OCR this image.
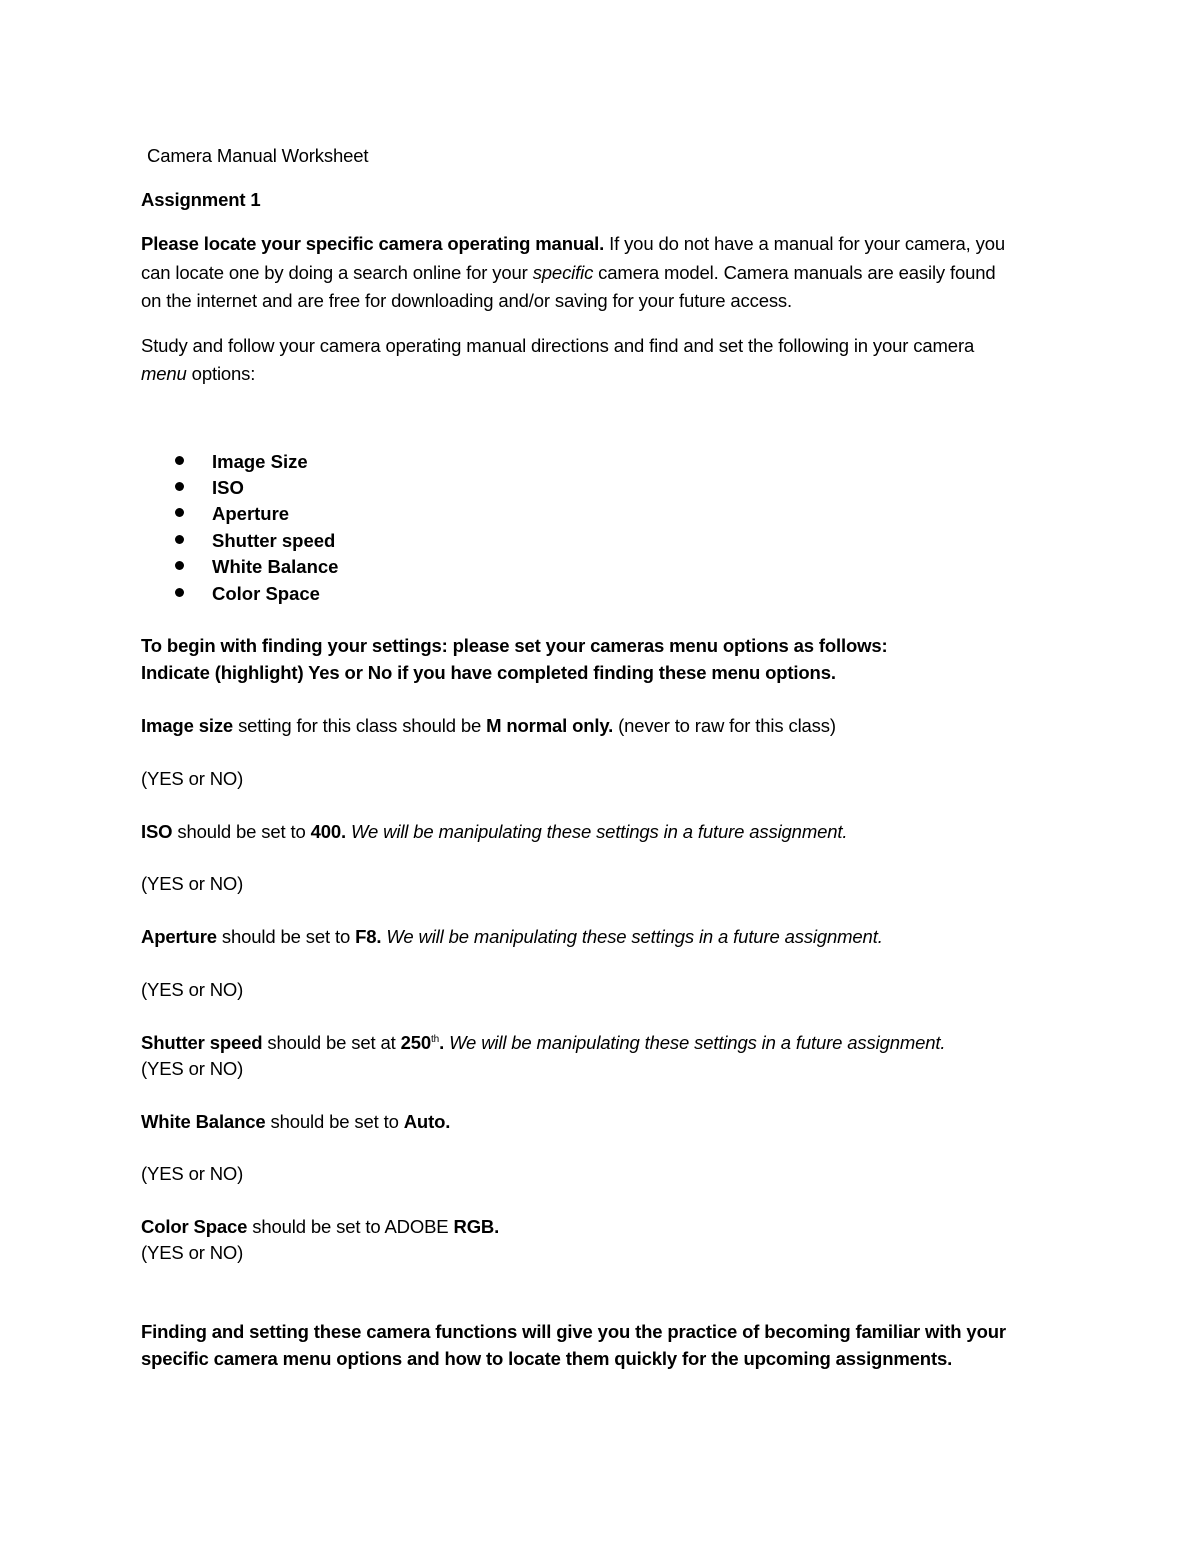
Camera Manual Worksheet
Assignment 1
Please locate your specific camera operating manual. If you do not have a manual for your camera, you
can locate one by doing a search online for your specific camera model. Camera manuals are easily found
on the internet and are free for downloading and/or saving for your future access.
Study and follow your camera operating manual directions and find and set the following in your camera
menu options:
Image Size
ISO
Aperture
Shutter speed
White Balance
Color Space
To begin with finding your settings: please set your cameras menu options as follows:
Indicate (highlight) Yes or No if you have completed finding these menu options.
Image size setting for this class should be M normal only. (never to raw for this class)
(YES or NO)
ISO should be set to 400. We will be manipulating these settings in a future assignment.
(YES or NO)
Aperture should be set to F8. We will be manipulating these settings in a future assignment.
(YES or NO)
Shutter speed should be set at 250th. We will be manipulating these settings in a future assignment.
(YES or NO)
White Balance should be set to Auto.
(YES or NO)
Color Space should be set to ADOBE RGB.
(YES or NO)
Finding and setting these camera functions will give you the practice of becoming familiar with your
specific camera menu options and how to locate them quickly for the upcoming assignments.
